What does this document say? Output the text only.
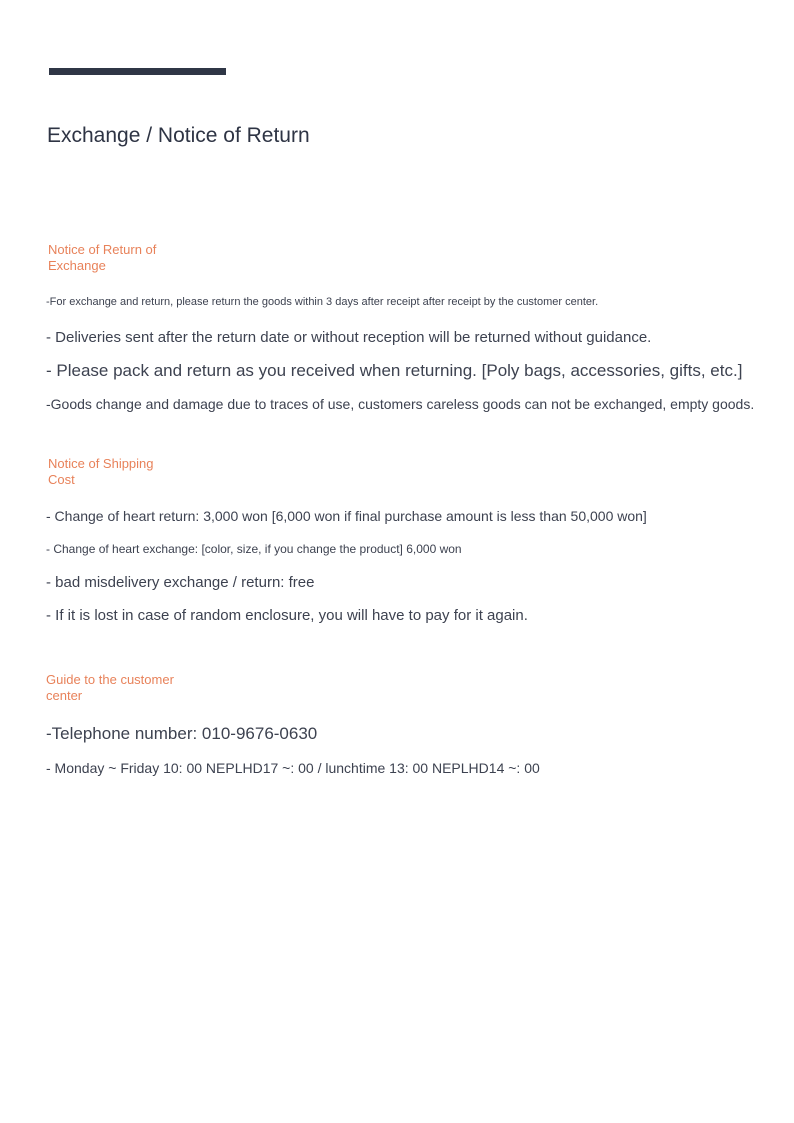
Exchange / Notice of Return
Notice of Return of
Exchange

-For exchange and return, please return the goods within 3 days after receipt after receipt by the customer center.

- Deliveries sent after the return date or without reception will be returned without guidance.

- Please pack and return as you received when returning. [Poly bags, accessories, gifts, etc.]

-Goods change and damage due to traces of use, customers careless goods can not be exchanged, empty goods.

Notice of Shipping
Cost

- Change of heart return: 3,000 won [6,000 won if final purchase amount is less than 50,000 won]

- Change of heart exchange: [color, size, if you change the product] 6,000 won

- bad misdelivery exchange / return: free

- If it is lost in case of random enclosure, you will have to pay for it again.

Guide to the customer
center

-Telephone number: 010-9676-0630

- Monday ~ Friday 10: 00 NEPLHD17 ~: 00 / lunchtime 13: 00 NEPLHD14 ~: 00
